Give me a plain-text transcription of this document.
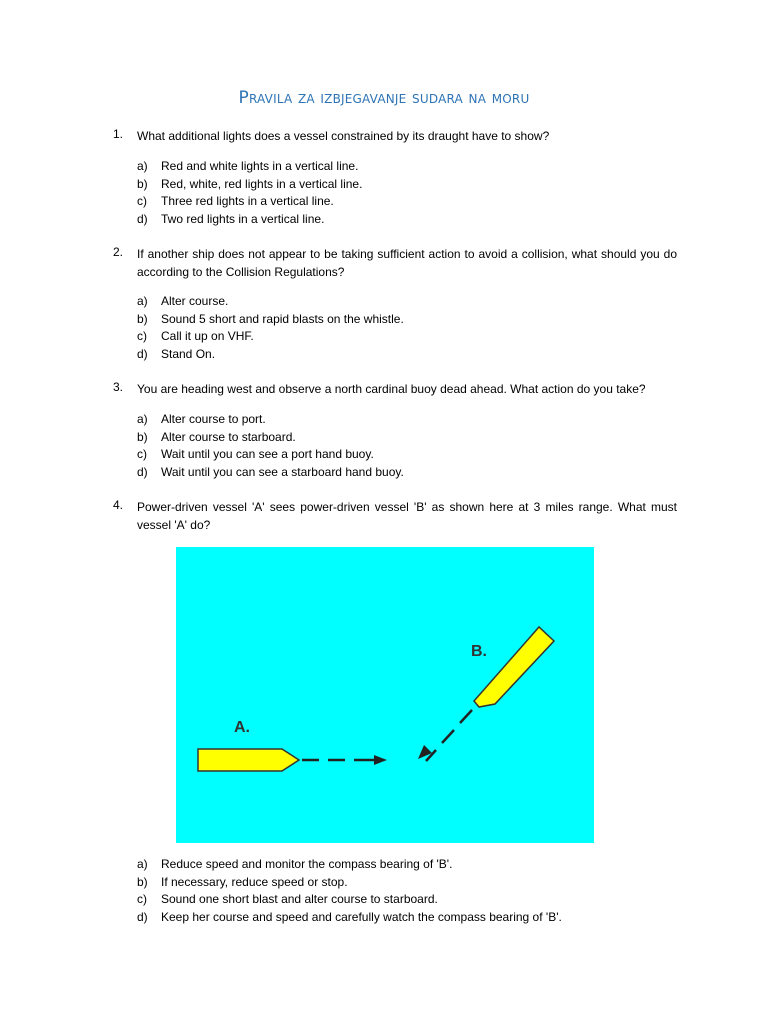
Pravila za izbjegavanje sudara na moru
1. What additional lights does a vessel constrained by its draught have to show?
a) Red and white lights in a vertical line.
b) Red, white, red lights in a vertical line.
c) Three red lights in a vertical line.
d) Two red lights in a vertical line.
2. If another ship does not appear to be taking sufficient action to avoid a collision, what should you do according to the Collision Regulations?
a) Alter course.
b) Sound 5 short and rapid blasts on the whistle.
c) Call it up on VHF.
d) Stand On.
3. You are heading west and observe a north cardinal buoy dead ahead. What action do you take?
a) Alter course to port.
b) Alter course to starboard.
c) Wait until you can see a port hand buoy.
d) Wait until you can see a starboard hand buoy.
4. Power-driven vessel 'A' sees power-driven vessel 'B' as shown here at 3 miles range. What must vessel 'A' do?
A.
B.
a) Reduce speed and monitor the compass bearing of 'B'.
b) If necessary, reduce speed or stop.
c) Sound one short blast and alter course to starboard.
d) Keep her course and speed and carefully watch the compass bearing of 'B'.
